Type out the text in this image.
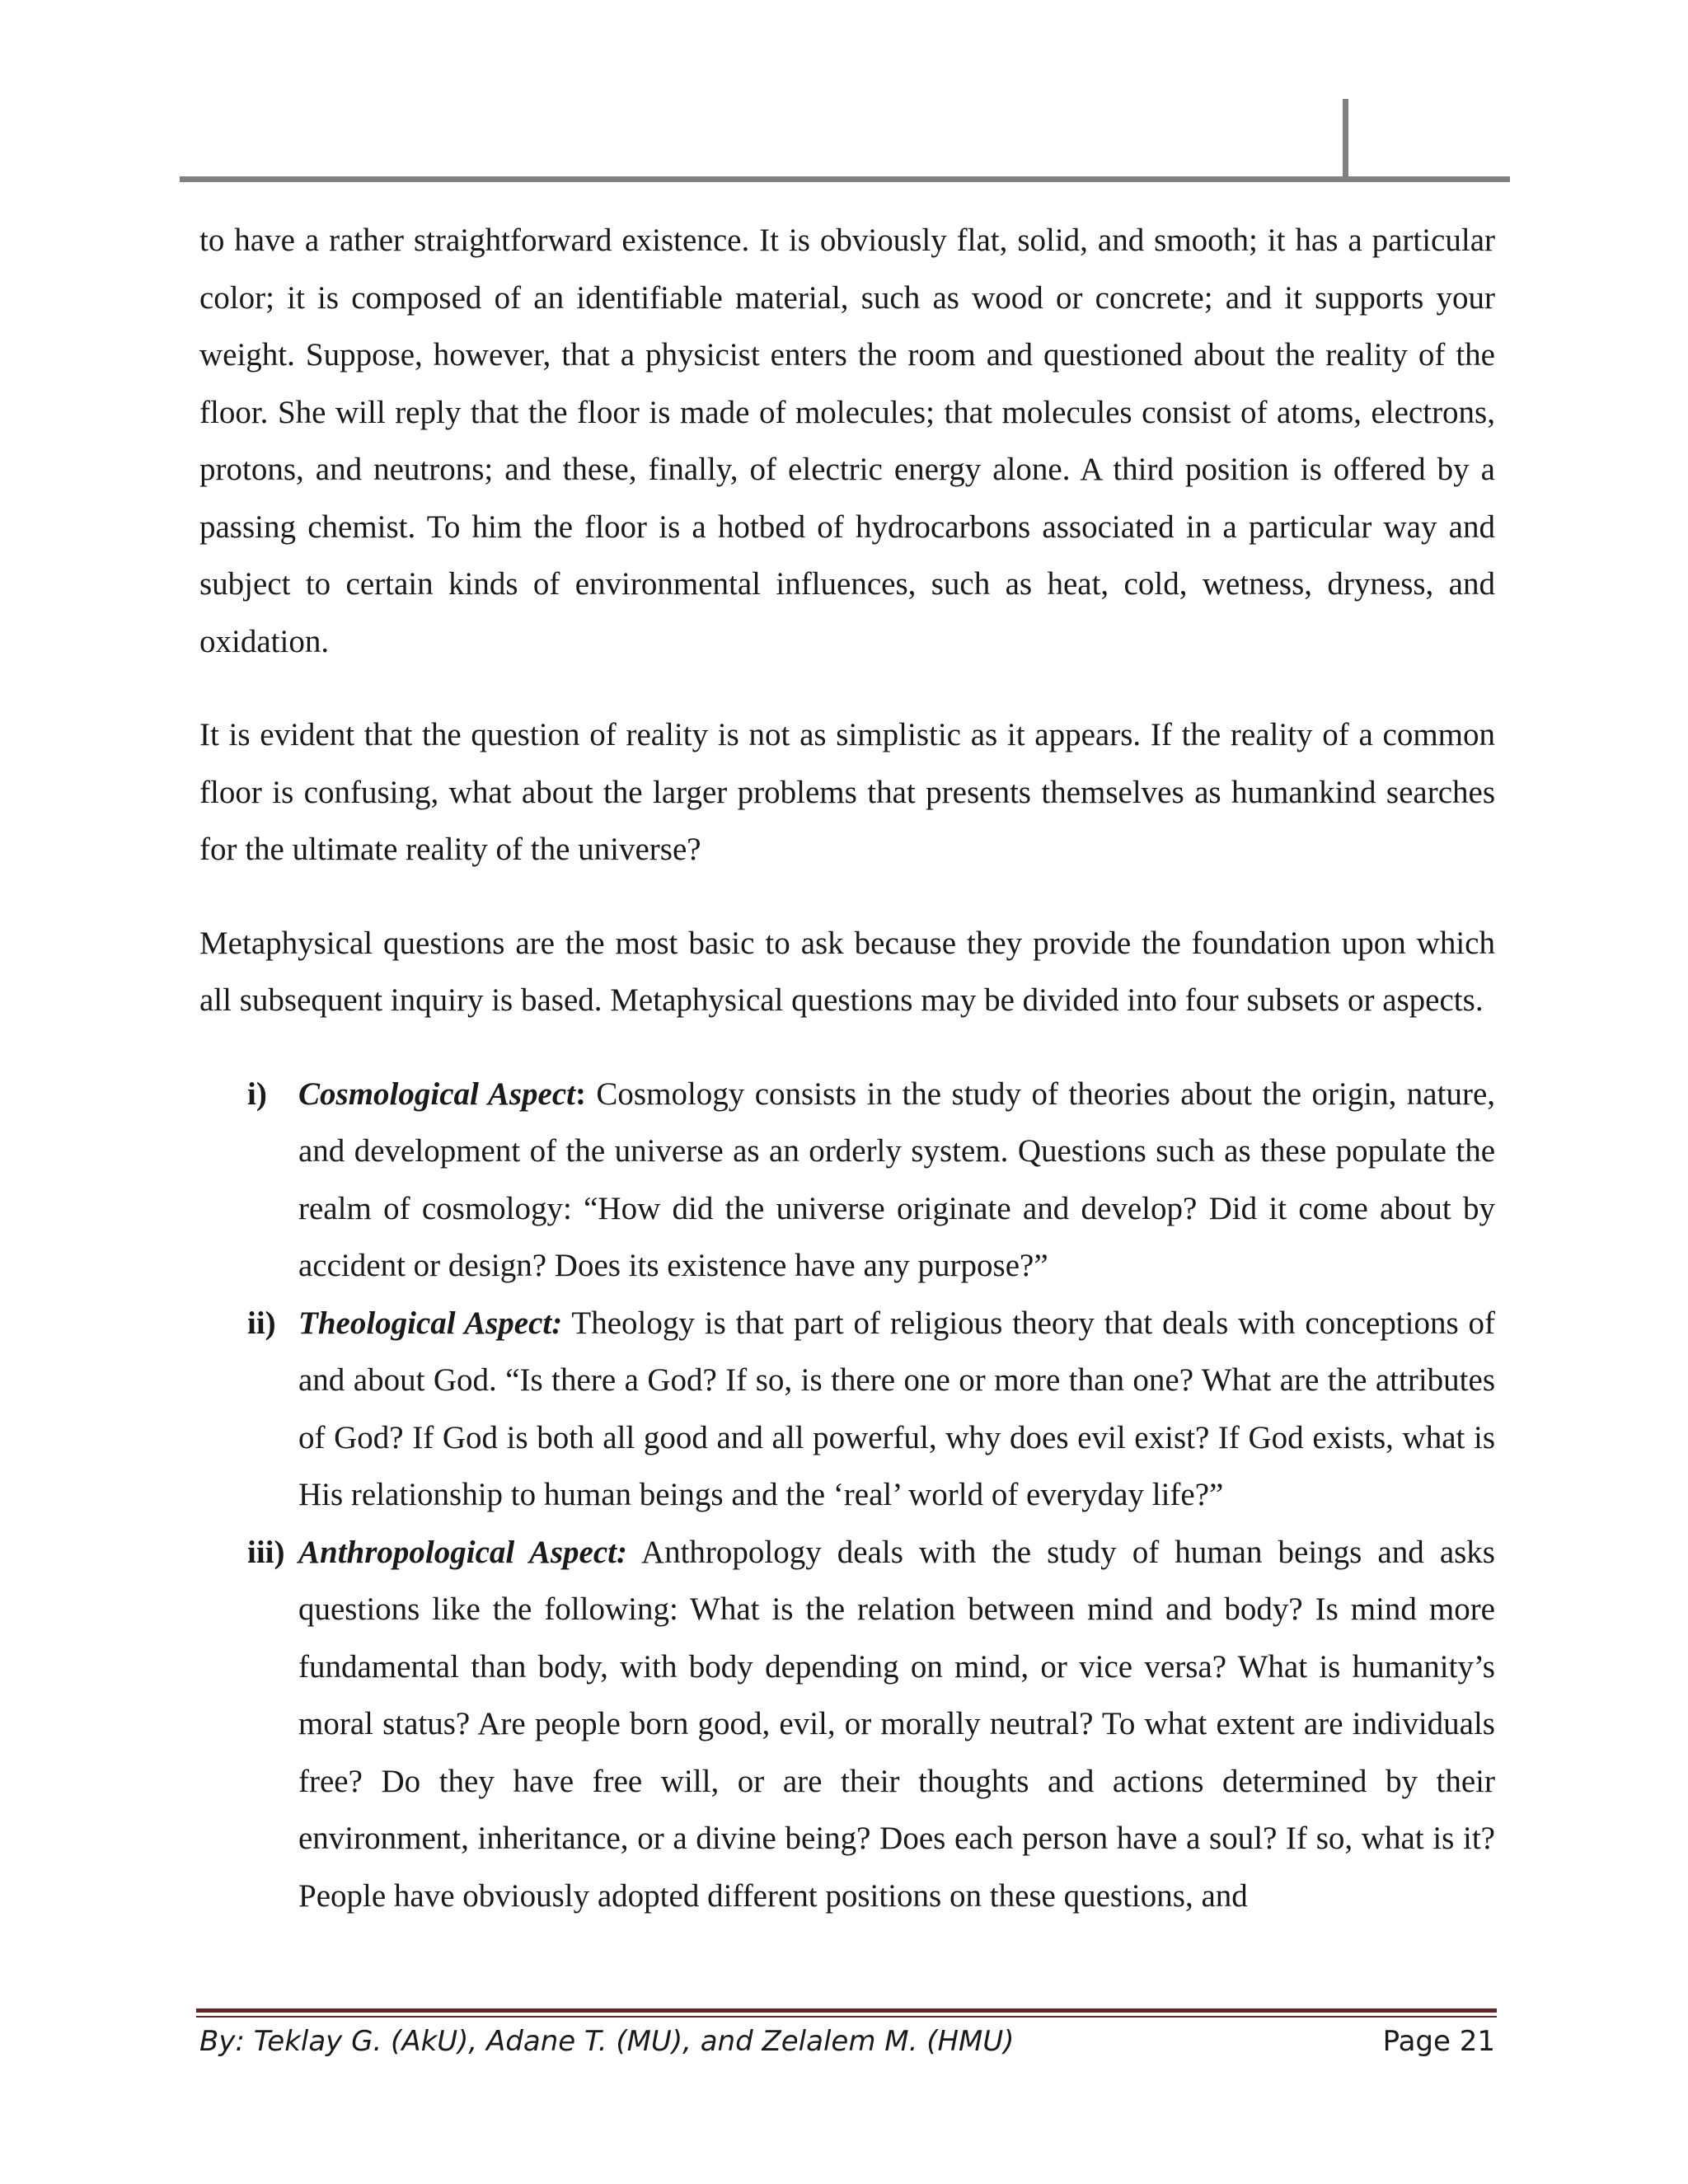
to have a rather straightforward existence. It is obviously flat, solid, and smooth; it has a particular color; it is composed of an identifiable material, such as wood or concrete; and it supports your weight. Suppose, however, that a physicist enters the room and questioned about the reality of the floor. She will reply that the floor is made of molecules; that molecules consist of atoms, electrons, protons, and neutrons; and these, finally, of electric energy alone. A third position is offered by a passing chemist. To him the floor is a hotbed of hydrocarbons associated in a particular way and subject to certain kinds of environmental influences, such as heat, cold, wetness, dryness, and oxidation.

It is evident that the question of reality is not as simplistic as it appears. If the reality of a common floor is confusing, what about the larger problems that presents themselves as humankind searches for the ultimate reality of the universe?

Metaphysical questions are the most basic to ask because they provide the foundation upon which all subsequent inquiry is based. Metaphysical questions may be divided into four subsets or aspects.

i) Cosmological Aspect: Cosmology consists in the study of theories about the origin, nature, and development of the universe as an orderly system. Questions such as these populate the realm of cosmology: “How did the universe originate and develop? Did it come about by accident or design? Does its existence have any purpose?”
ii) Theological Aspect: Theology is that part of religious theory that deals with conceptions of and about God. “Is there a God? If so, is there one or more than one? What are the attributes of God? If God is both all good and all powerful, why does evil exist? If God exists, what is His relationship to human beings and the ‘real’ world of everyday life?”
iii) Anthropological Aspect: Anthropology deals with the study of human beings and asks questions like the following: What is the relation between mind and body? Is mind more fundamental than body, with body depending on mind, or vice versa? What is humanity’s moral status? Are people born good, evil, or morally neutral? To what extent are individuals free? Do they have free will, or are their thoughts and actions determined by their environment, inheritance, or a divine being? Does each person have a soul? If so, what is it? People have obviously adopted different positions on these questions, and
By: Teklay G. (AkU), Adane T. (MU), and Zelalem M. (HMU)	Page 21
